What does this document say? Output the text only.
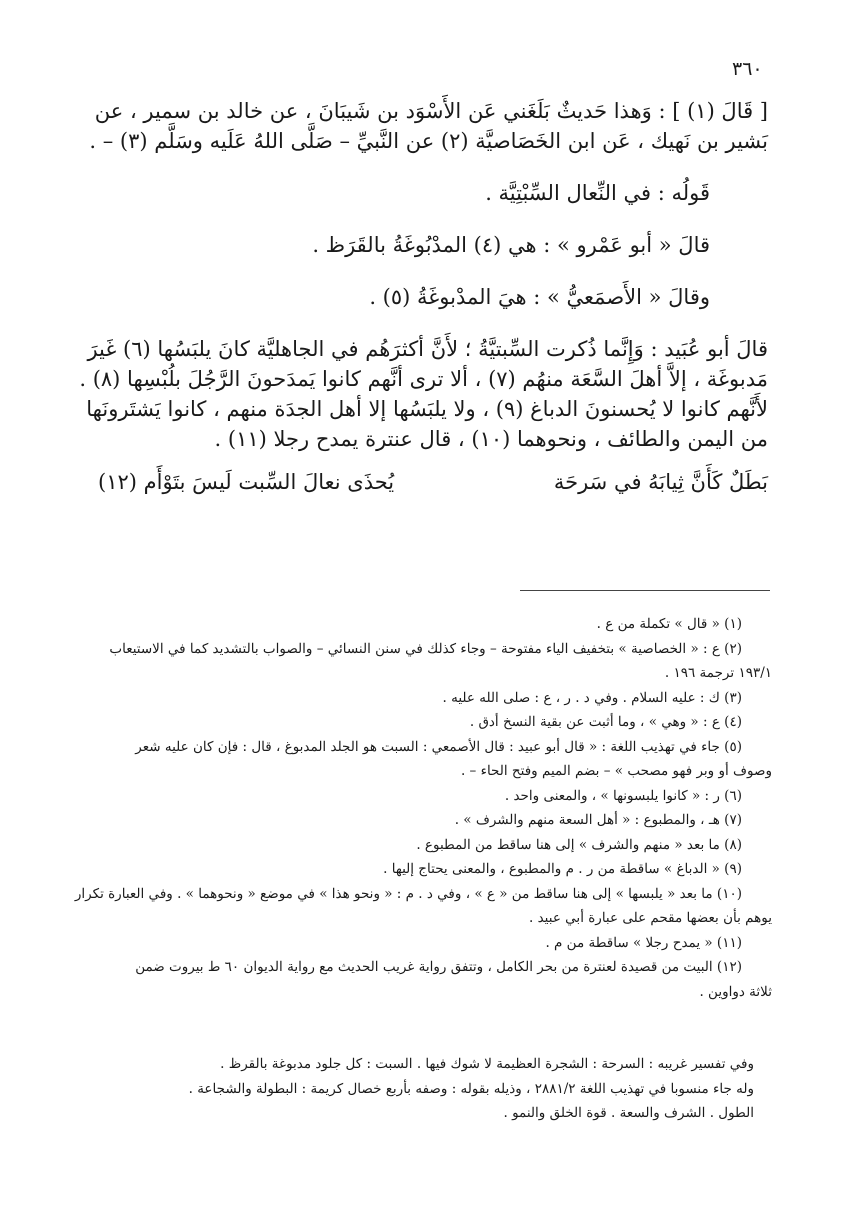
٣٦٠

[ قَالَ (١) ] : وَهذا حَديثٌ بَلَغَني عَن الأَسْوَد بن شَيبَانَ ، عن خالد بن سمير ، عن

بَشير بن نَهيك ، عَن ابن الخَصَاصيَّة (٢) عن النَّبيِّ – صَلَّى اللهُ عَلَيه وسَلَّم (٣) – .

قَولُه : في النِّعال السِّبْتِيَّة .

قالَ « أبو عَمْرو » : هي (٤) المدْبُوغَةُ بالقَرَظ .

وقالَ « الأَصمَعيُّ » : هيَ المدْبوغَةُ (٥) .

قالَ أبو عُبَيد : وَإِنَّما ذُكرت السِّبتيَّةُ ؛ لأَنَّ أكثرَهُم في الجاهليَّة كانَ يلبَسُها (٦) غَيرَ

مَدبوغَة ، إلاَّ أهلَ السَّعَة منهُم (٧) ، ألا ترى أنَّهم كانوا يَمدَحونَ الرَّجُلَ بلُبْسِها (٨) .

لأَنَّهم كانوا لا يُحسنونَ الدباغ (٩) ، ولا يلبَسُها إلا أهل الجدَة منهم ، كانوا يَشتَرونَها

من اليمن والطائف ، ونحوهما (١٠) ، قال عنترة يمدح رجلا (١١) .

بَطَلٌ كَأَنَّ ثِيابَهُ في سَرحَة
يُحذَى نعالَ السِّبت لَيسَ بتَوْأَم (١٢)

(١) « قال » تكملة من ع .

(٢) ع : « الخصاصية » بتخفيف الياء مفتوحة – وجاء كذلك في سنن النسائي – والصواب بالتشديد كما في الاستيعاب

١٩٣/١ ترجمة ١٩٦ .

(٣) ك : عليه السلام . وفي د . ر ، ع : صلى الله عليه .

(٤) ع : « وهي » ، وما أثبت عن بقية النسخ أدق .

(٥) جاء في تهذيب اللغة : « قال أبو عبيد : قال الأصمعي : السبت هو الجلد المدبوغ ، قال : فإن كان عليه شعر

وصوف أو وبر فهو مصحب » – بضم الميم وفتح الحاء – .

(٦) ر : « كانوا يلبسونها » ، والمعنى واحد .

(٧) هـ ، والمطبوع : « أهل السعة منهم والشرف » .

(٨) ما بعد « منهم والشرف » إلى هنا ساقط من المطبوع .

(٩) « الدباغ » ساقطة من ر . م والمطبوع ، والمعنى يحتاج إليها .

(١٠) ما بعد « يلبسها » إلى هنا ساقط من « ع » ، وفي د . م : « ونحو هذا » في موضع « ونحوهما » . وفي العبارة تكرار

يوهم بأن بعضها مقحم على عبارة أبي عبيد .

(١١) « يمدح رجلا » ساقطة من م .

(١٢) البيت من قصيدة لعنترة من بحر الكامل ، وتتفق رواية غريب الحديث مع رواية الديوان ٦٠ ط بيروت ضمن

ثلاثة دواوين .

وفي تفسير غريبه : السرحة : الشجرة العظيمة لا شوك فيها . السبت : كل جلود مدبوغة بالقرظ .

وله جاء منسوبا في تهذيب اللغة ٢٨٨١/٢ ، وذيله بقوله : وصفه بأربع خصال كريمة : البطولة والشجاعة .

الطول . الشرف والسعة . قوة الخلق والنمو .
